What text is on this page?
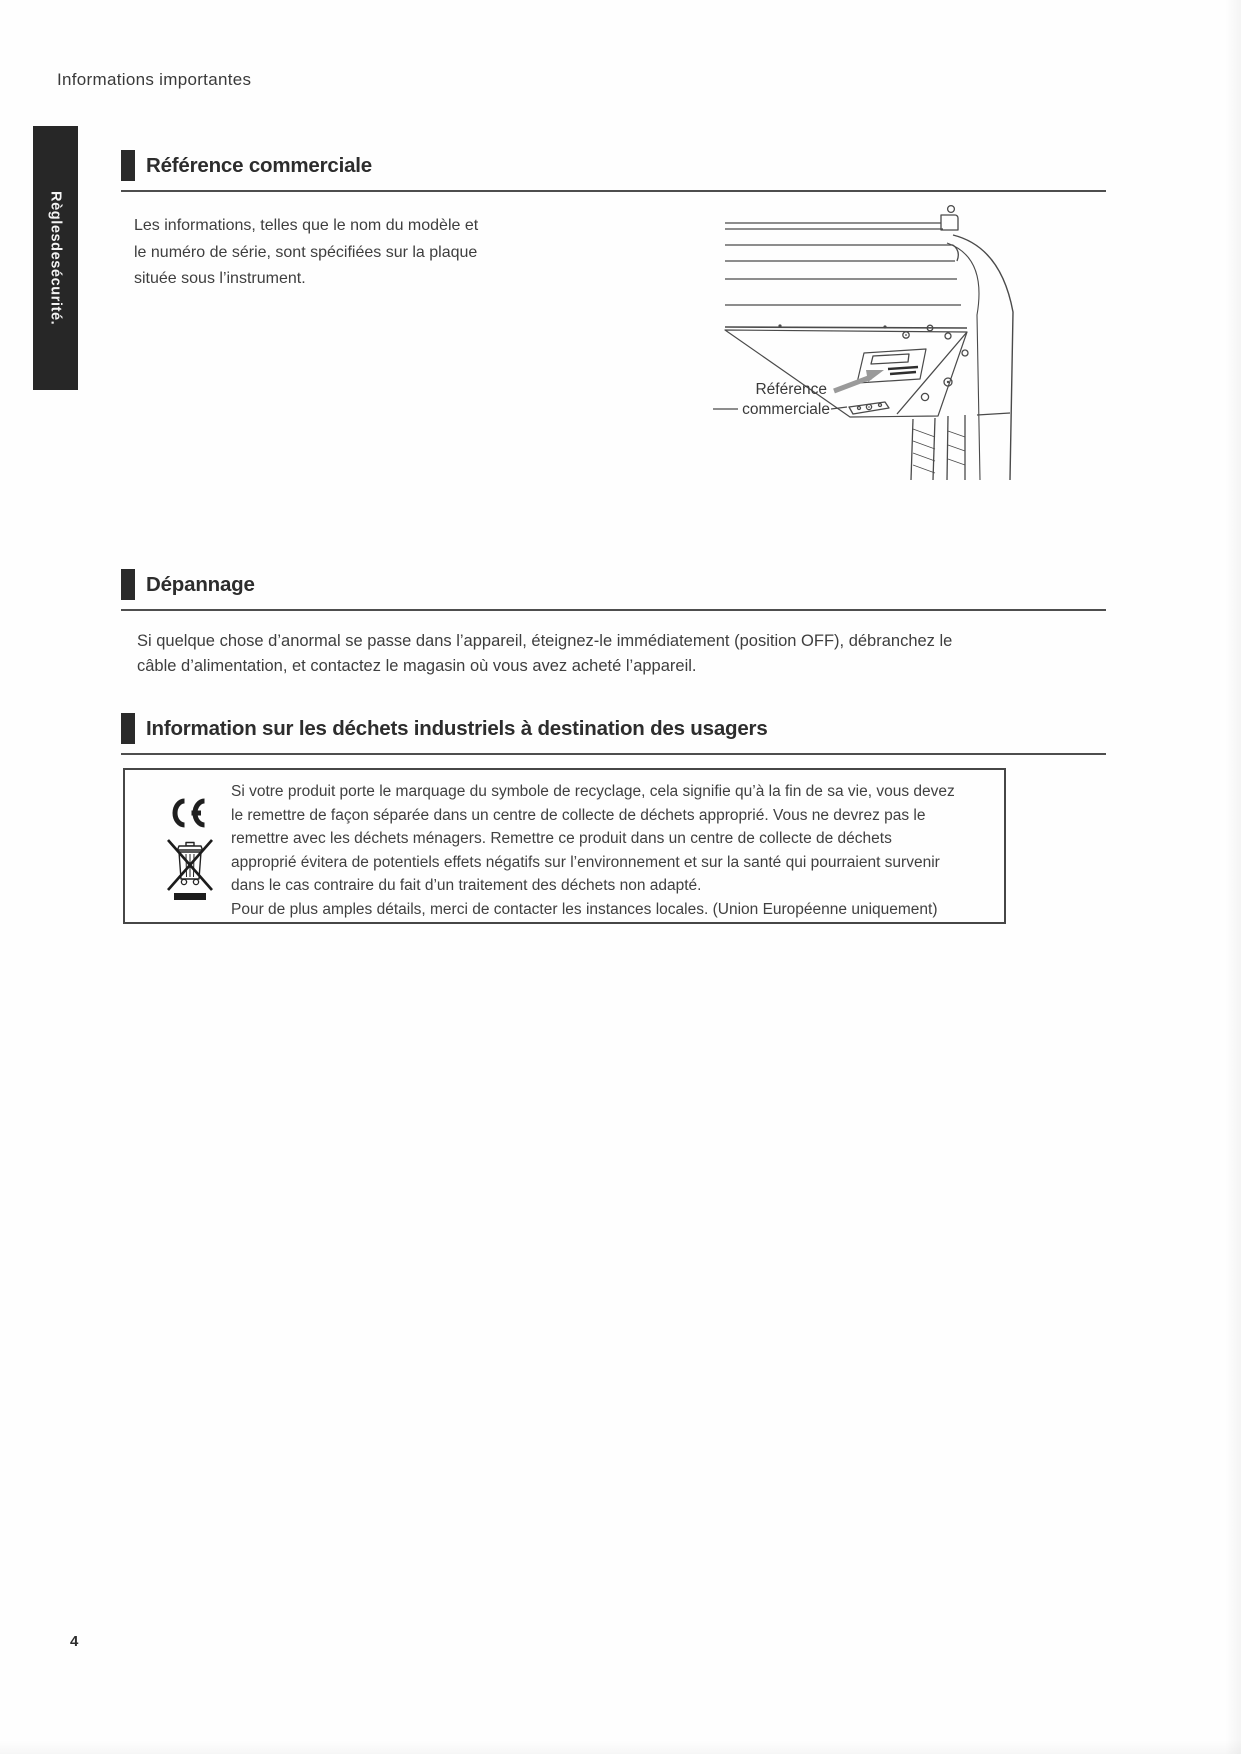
Informations importantes
Règlesdesécurité.
Référence commerciale
Les informations, telles que le nom du modèle et
le numéro de série, sont spécifiées sur la plaque
située sous l’instrument.
Référence
commerciale
Dépannage
Si quelque chose d’anormal se passe dans l’appareil, éteignez-le immédiatement (position OFF), débranchez le
câble d’alimentation, et contactez le magasin où vous avez acheté l’appareil.
Information sur les déchets industriels à destination des usagers
Si votre produit porte le marquage du symbole de recyclage, cela signifie qu’à la fin de sa vie, vous devez
le remettre de façon séparée dans un centre de collecte de déchets approprié. Vous ne devrez pas le
remettre avec les déchets ménagers. Remettre ce produit dans un centre de collecte de déchets
approprié évitera de potentiels effets négatifs sur l’environnement et sur la santé qui pourraient survenir
dans le cas contraire du fait d’un traitement des déchets non adapté.
Pour de plus amples détails, merci de contacter les instances locales. (Union Européenne uniquement)
4
